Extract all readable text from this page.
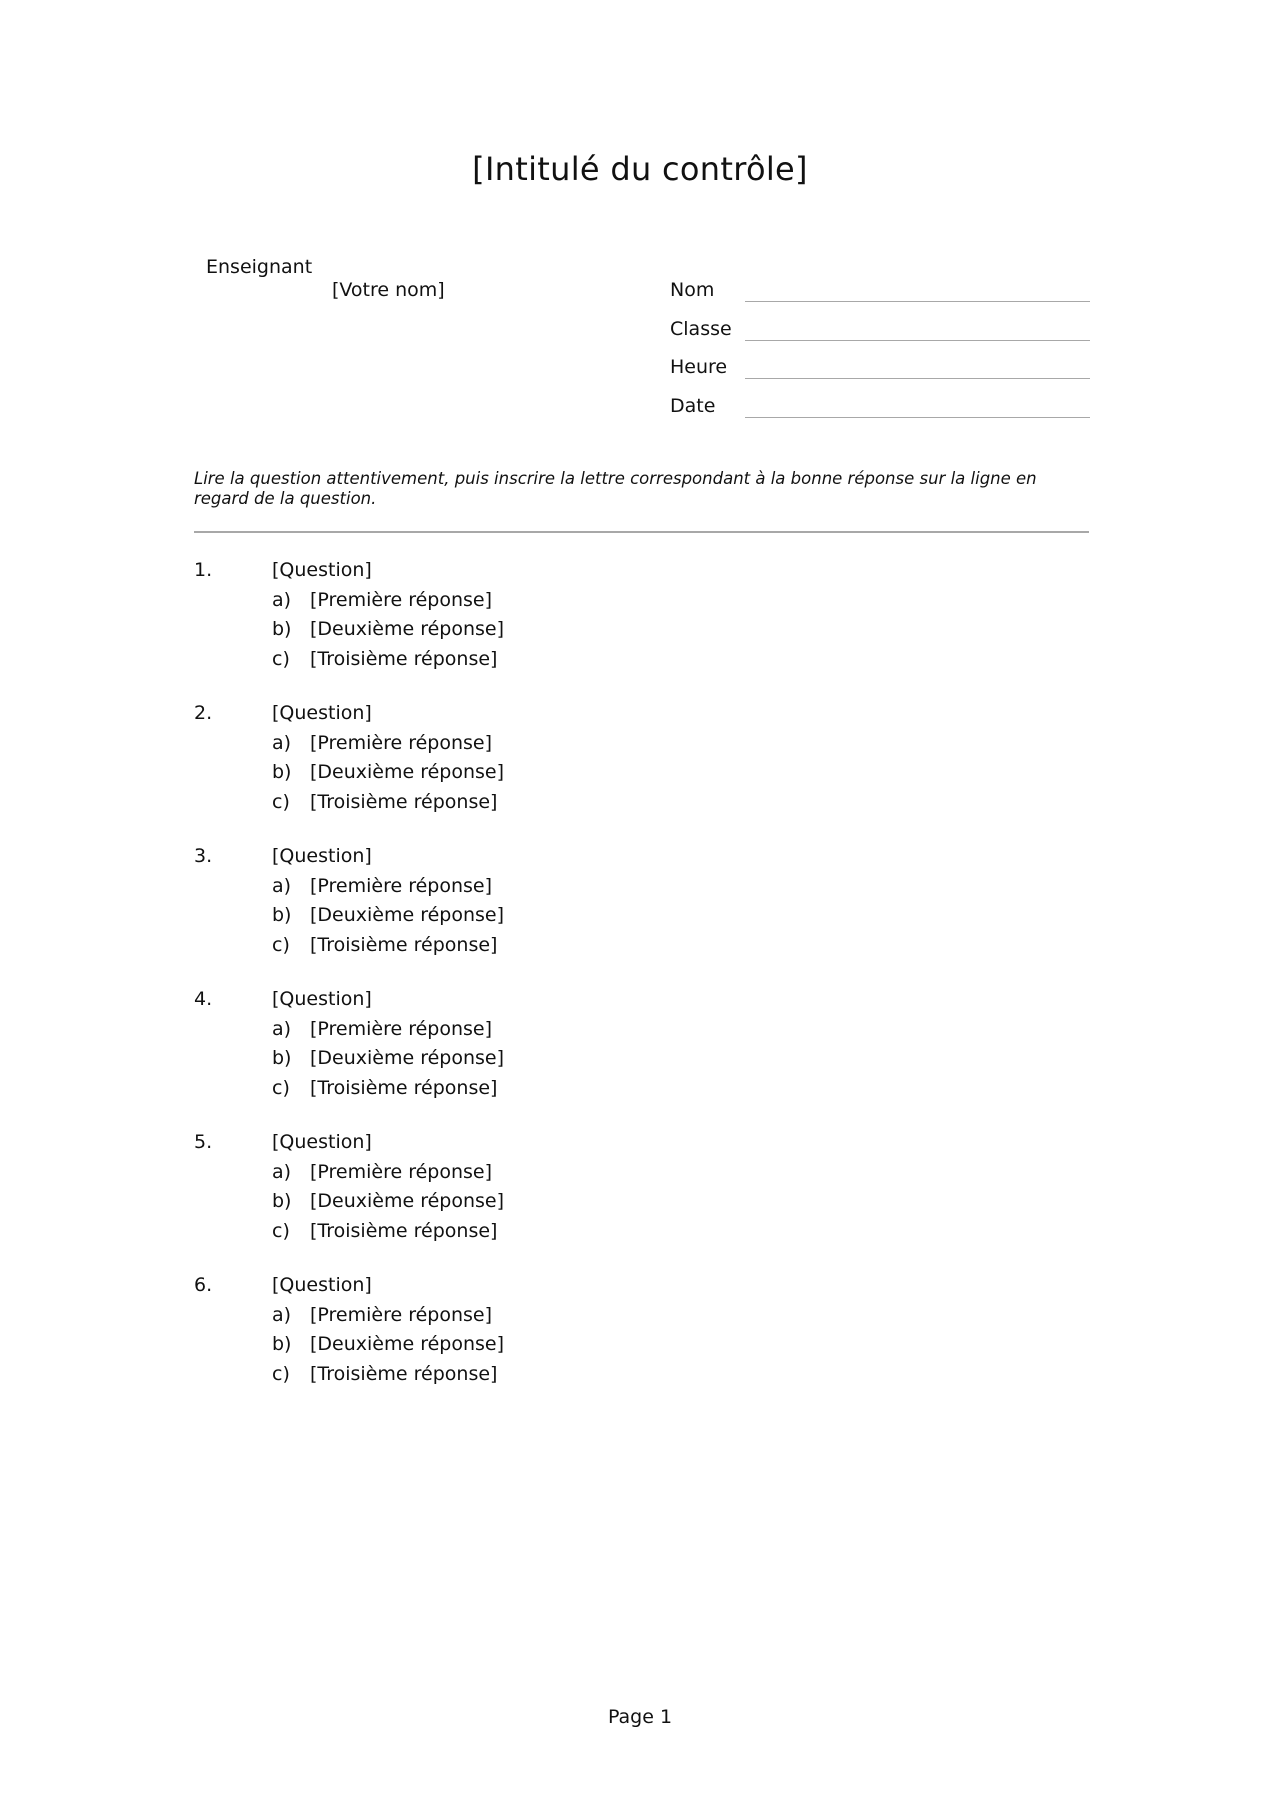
[Intitulé du contrôle]
Enseignant
[Votre nom]	Nom
Classe
Heure
Date
Lire la question attentivement, puis inscrire la lettre correspondant à la bonne réponse sur la ligne en regard de la question.
1.	[Question]
a) [Première réponse]
b) [Deuxième réponse]
c) [Troisième réponse]
2.	[Question]
a) [Première réponse]
b) [Deuxième réponse]
c) [Troisième réponse]
3.	[Question]
a) [Première réponse]
b) [Deuxième réponse]
c) [Troisième réponse]
4.	[Question]
a) [Première réponse]
b) [Deuxième réponse]
c) [Troisième réponse]
5.	[Question]
a) [Première réponse]
b) [Deuxième réponse]
c) [Troisième réponse]
6.	[Question]
a) [Première réponse]
b) [Deuxième réponse]
c) [Troisième réponse]
Page 1
